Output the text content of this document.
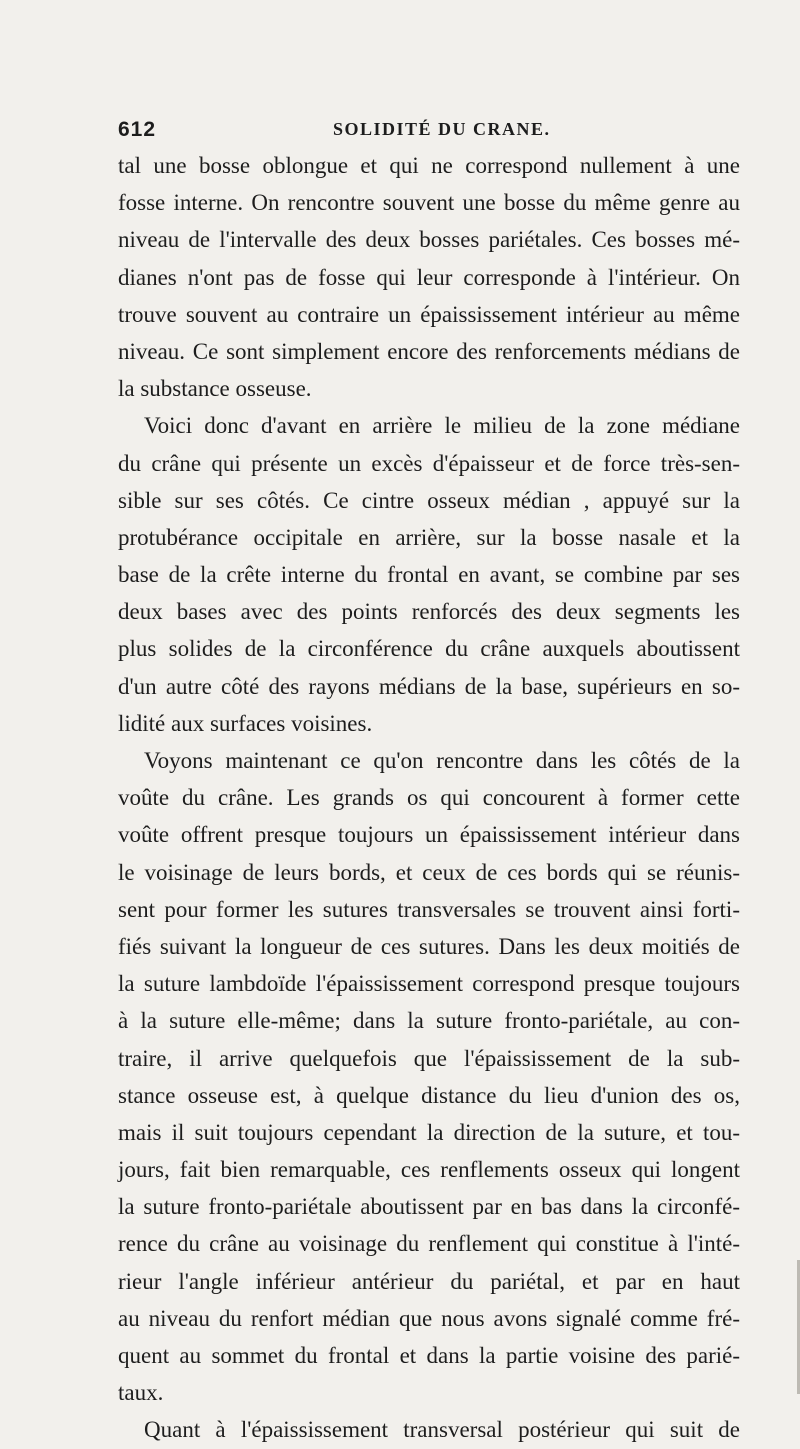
612	SOLIDITÉ DU CRANE.
tal une bosse oblongue et qui ne correspond nullement à une
fosse interne. On rencontre souvent une bosse du même genre au
niveau de l'intervalle des deux bosses pariétales. Ces bosses mé-
dianes n'ont pas de fosse qui leur corresponde à l'intérieur. On
trouve souvent au contraire un épaississement intérieur au même
niveau. Ce sont simplement encore des renforcements médians de
la substance osseuse.
Voici donc d'avant en arrière le milieu de la zone médiane
du crâne qui présente un excès d'épaisseur et de force très-sen-
sible sur ses côtés. Ce cintre osseux médian , appuyé sur la
protubérance occipitale en arrière, sur la bosse nasale et la
base de la crête interne du frontal en avant, se combine par ses
deux bases avec des points renforcés des deux segments les
plus solides de la circonférence du crâne auxquels aboutissent
d'un autre côté des rayons médians de la base, supérieurs en so-
lidité aux surfaces voisines.
Voyons maintenant ce qu'on rencontre dans les côtés de la
voûte du crâne. Les grands os qui concourent à former cette
voûte offrent presque toujours un épaississement intérieur dans
le voisinage de leurs bords, et ceux de ces bords qui se réunis-
sent pour former les sutures transversales se trouvent ainsi forti-
fiés suivant la longueur de ces sutures. Dans les deux moitiés de
la suture lambdoïde l'épaississement correspond presque toujours
à la suture elle-même; dans la suture fronto-pariétale, au con-
traire, il arrive quelquefois que l'épaississement de la sub-
stance osseuse est, à quelque distance du lieu d'union des os,
mais il suit toujours cependant la direction de la suture, et tou-
jours, fait bien remarquable, ces renflements osseux qui longent
la suture fronto-pariétale aboutissent par en bas dans la circonfé-
rence du crâne au voisinage du renflement qui constitue à l'inté-
rieur l'angle inférieur antérieur du pariétal, et par en haut
au niveau du renfort médian que nous avons signalé comme fré-
quent au sommet du frontal et dans la partie voisine des parié-
taux.
Quant à l'épaississement transversal postérieur qui suit de
